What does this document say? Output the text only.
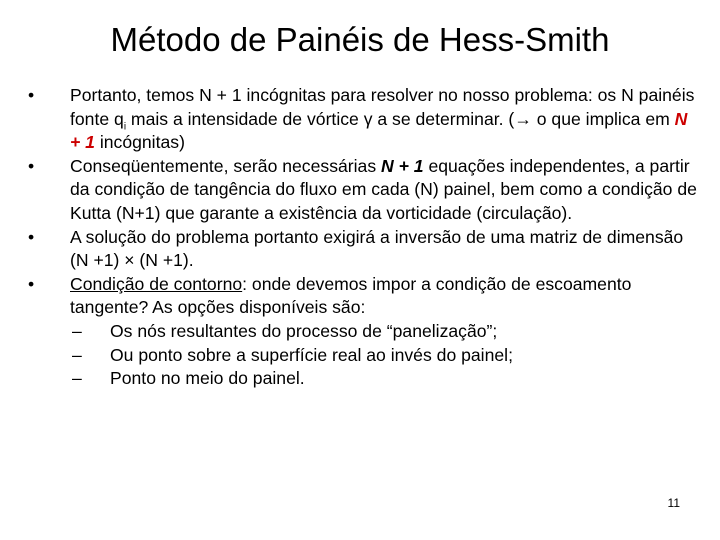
Método de Painéis de Hess-Smith
•	Portanto, temos N + 1 incógnitas para resolver no nosso problema: os N painéis fonte $q_i$ mais a intensidade de vórtice γ a se determinar. (→ o que implica em N + 1 incógnitas)
•	Conseqüentemente, serão necessárias N + 1 equações independentes, a partir da condição de tangência do fluxo em cada (N) painel, bem como a condição de Kutta (N+1) que garante a existência da vorticidade (circulação).
•	A solução do problema portanto exigirá a inversão de uma matriz de dimensão (N +1) × (N +1).
•	Condição de contorno: onde devemos impor a condição de escoamento tangente? As opções disponíveis são:
– Os nós resultantes do processo de “panelização”;
– Ou ponto sobre a superfície real ao invés do painel;
– Ponto no meio do painel.
11
